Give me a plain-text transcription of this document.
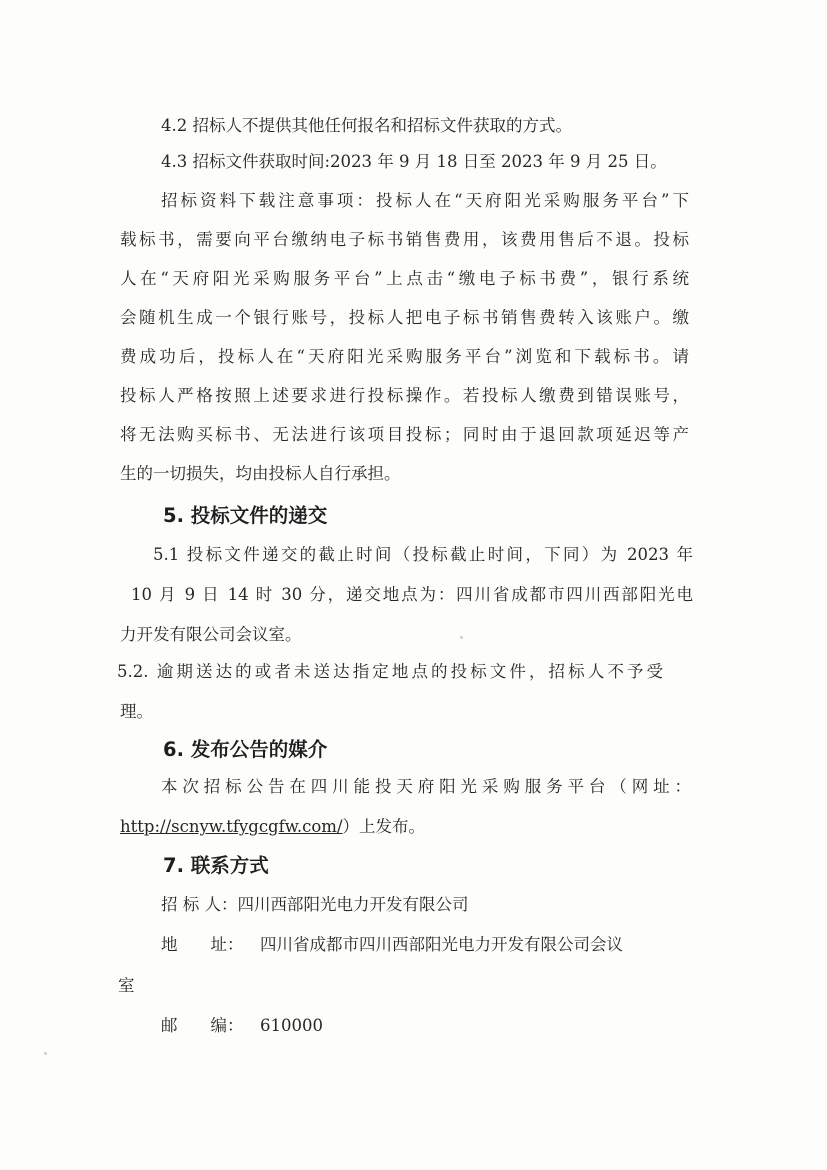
4.2 招标人不提供其他任何报名和招标文件获取的方式。

4.3 招标文件获取时间:2023 年 9 月 18 日至 2023 年 9 月 25 日。

招标资料下载注意事项：投标人在“天府阳光采购服务平台”下

载标书，需要向平台缴纳电子标书销售费用，该费用售后不退。投标

人在“天府阳光采购服务平台”上点击“缴电子标书费”，银行系统

会随机生成一个银行账号，投标人把电子标书销售费转入该账户。缴

费成功后，投标人在“天府阳光采购服务平台”浏览和下载标书。请

投标人严格按照上述要求进行投标操作。若投标人缴费到错误账号，

将无法购买标书、无法进行该项目投标；同时由于退回款项延迟等产

生的一切损失，均由投标人自行承担。

5. 投标文件的递交

5.1 投标文件递交的截止时间（投标截止时间，下同）为 2023 年

10 月 9 日 14 时 30 分，递交地点为：四川省成都市四川西部阳光电

力开发有限公司会议室。

5.2. 逾期送达的或者未送达指定地点的投标文件，招标人不予受

理。

6. 发布公告的媒介

本次招标公告在四川能投天府阳光采购服务平台（网址：

http://scnyw.tfygcgfw.com/）上发布。

7. 联系方式

招 标 人：四川西部阳光电力开发有限公司

地　　址： 四川省成都市四川西部阳光电力开发有限公司会议

室

邮　　编： 610000
